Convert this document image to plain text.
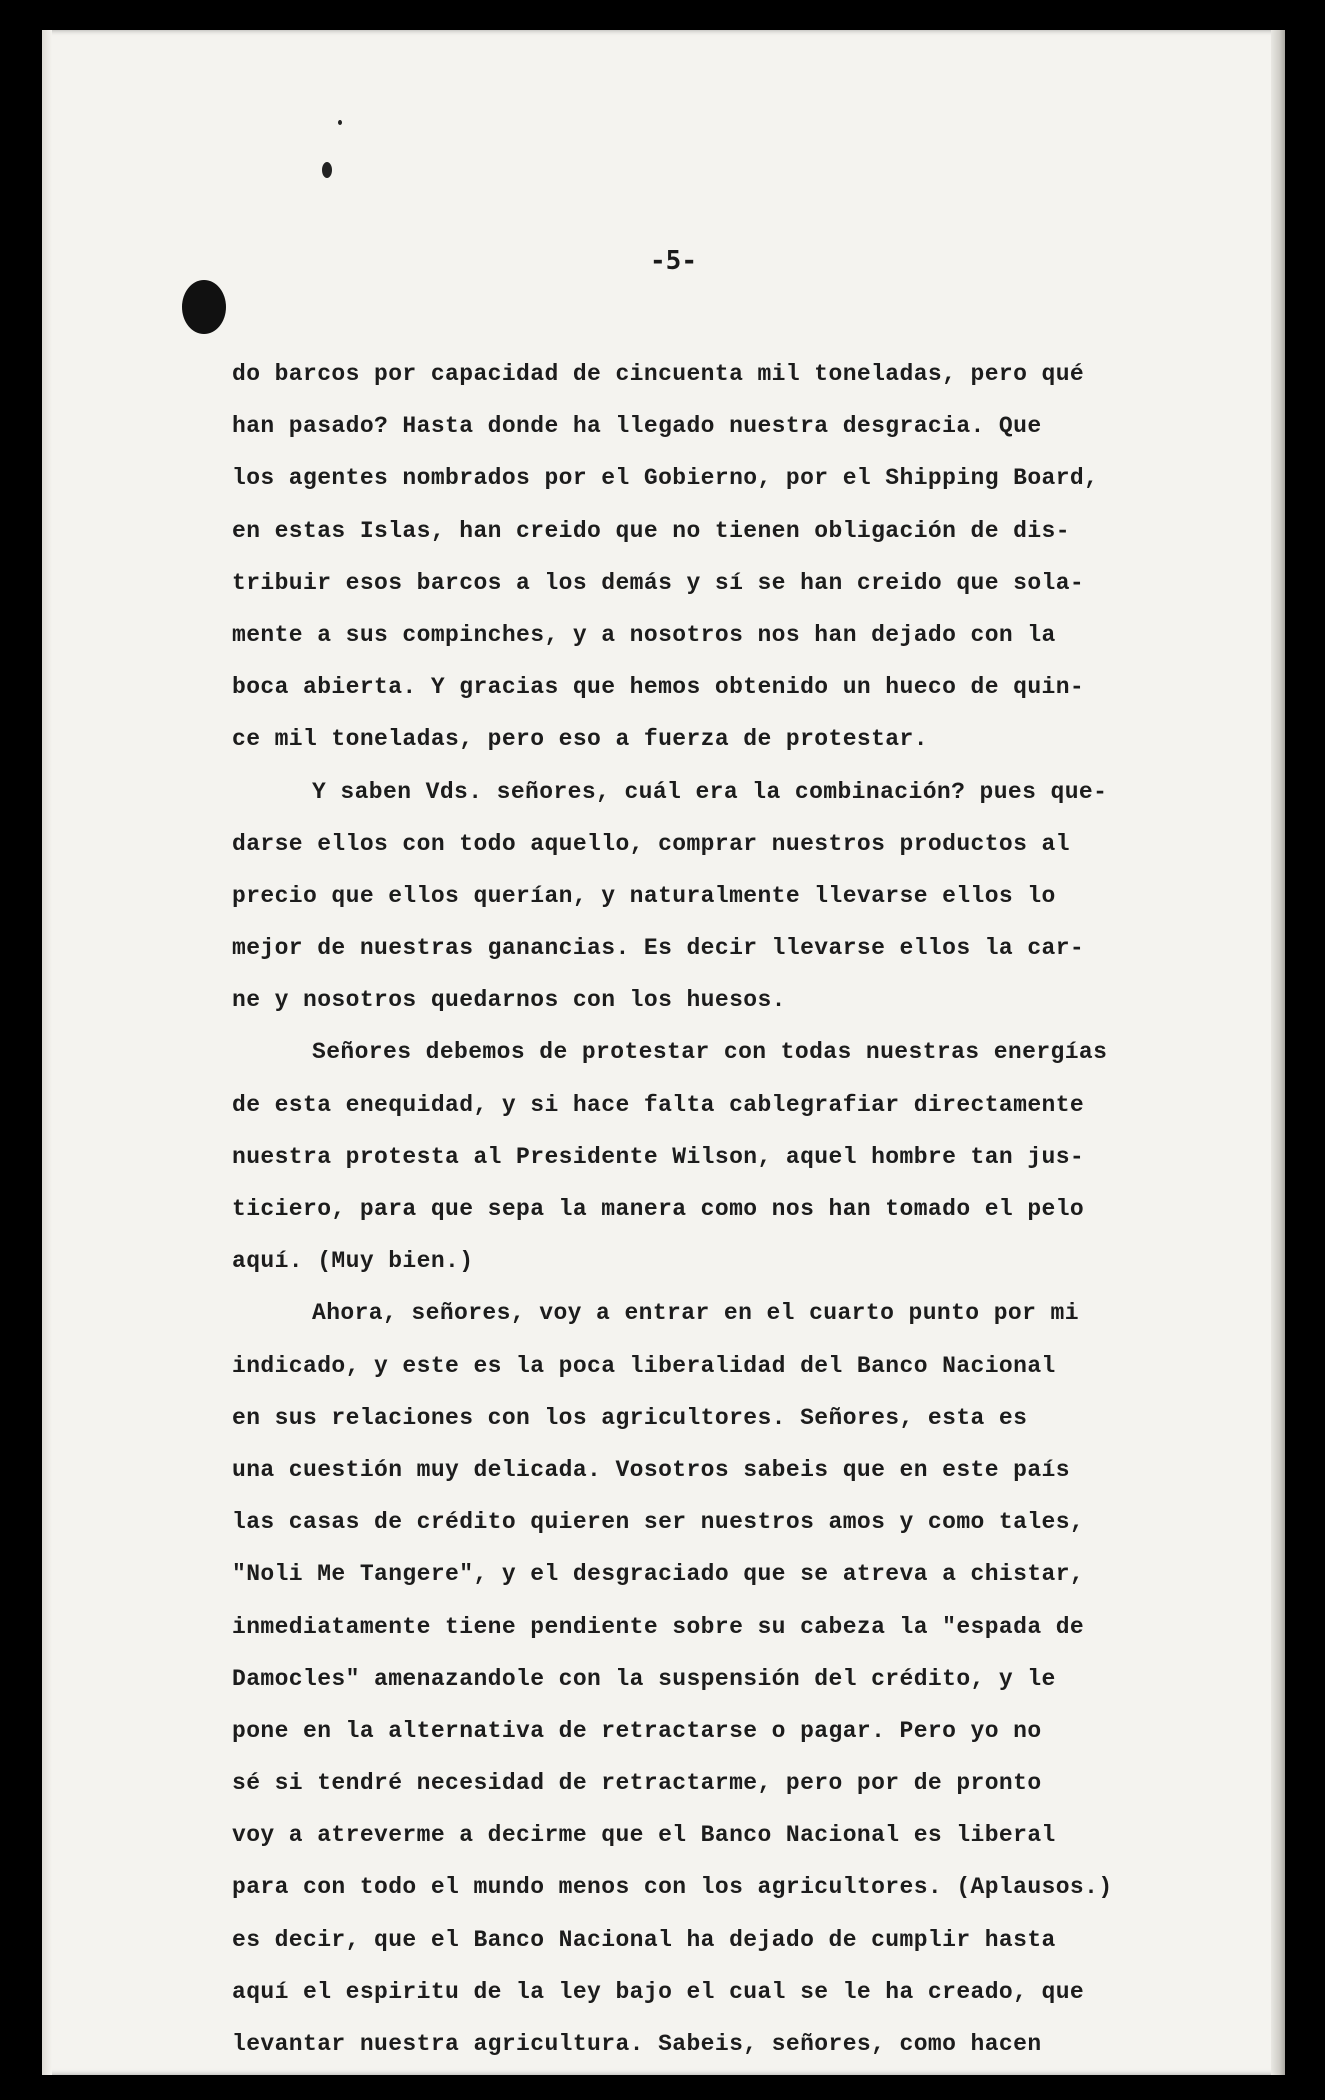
-5-
do barcos por capacidad de cincuenta mil toneladas, pero qué
han pasado? Hasta donde ha llegado nuestra desgracia. Que
los agentes nombrados por el Gobierno, por el Shipping Board,
en estas Islas, han creido que no tienen obligación de dis-
tribuir esos barcos a los demás y sí se han creido que sola-
mente a sus compinches, y a nosotros nos han dejado con la
boca abierta. Y gracias que hemos obtenido un hueco de quin-
ce mil toneladas, pero eso a fuerza de protestar.
Y saben Vds. señores, cuál era la combinación? pues que-
darse ellos con todo aquello, comprar nuestros productos al
precio que ellos querían, y naturalmente llevarse ellos lo
mejor de nuestras ganancias. Es decir llevarse ellos la car-
ne y nosotros quedarnos con los huesos.
Señores debemos de protestar con todas nuestras energías
de esta enequidad, y si hace falta cablegrafiar directamente
nuestra protesta al Presidente Wilson, aquel hombre tan jus-
ticiero, para que sepa la manera como nos han tomado el pelo
aquí. (Muy bien.)
Ahora, señores, voy a entrar en el cuarto punto por mi
indicado, y este es la poca liberalidad del Banco Nacional
en sus relaciones con los agricultores. Señores, esta es
una cuestión muy delicada. Vosotros sabeis que en este país
las casas de crédito quieren ser nuestros amos y como tales,
"Noli Me Tangere", y el desgraciado que se atreva a chistar,
inmediatamente tiene pendiente sobre su cabeza la "espada de
Damocles" amenazandole con la suspensión del crédito, y le
pone en la alternativa de retractarse o pagar. Pero yo no
sé si tendré necesidad de retractarme, pero por de pronto
voy a atreverme a decirme que el Banco Nacional es liberal
para con todo el mundo menos con los agricultores. (Aplausos.)
es decir, que el Banco Nacional ha dejado de cumplir hasta
aquí el espiritu de la ley bajo el cual se le ha creado, que
levantar nuestra agricultura. Sabeis, señores, como hacen
